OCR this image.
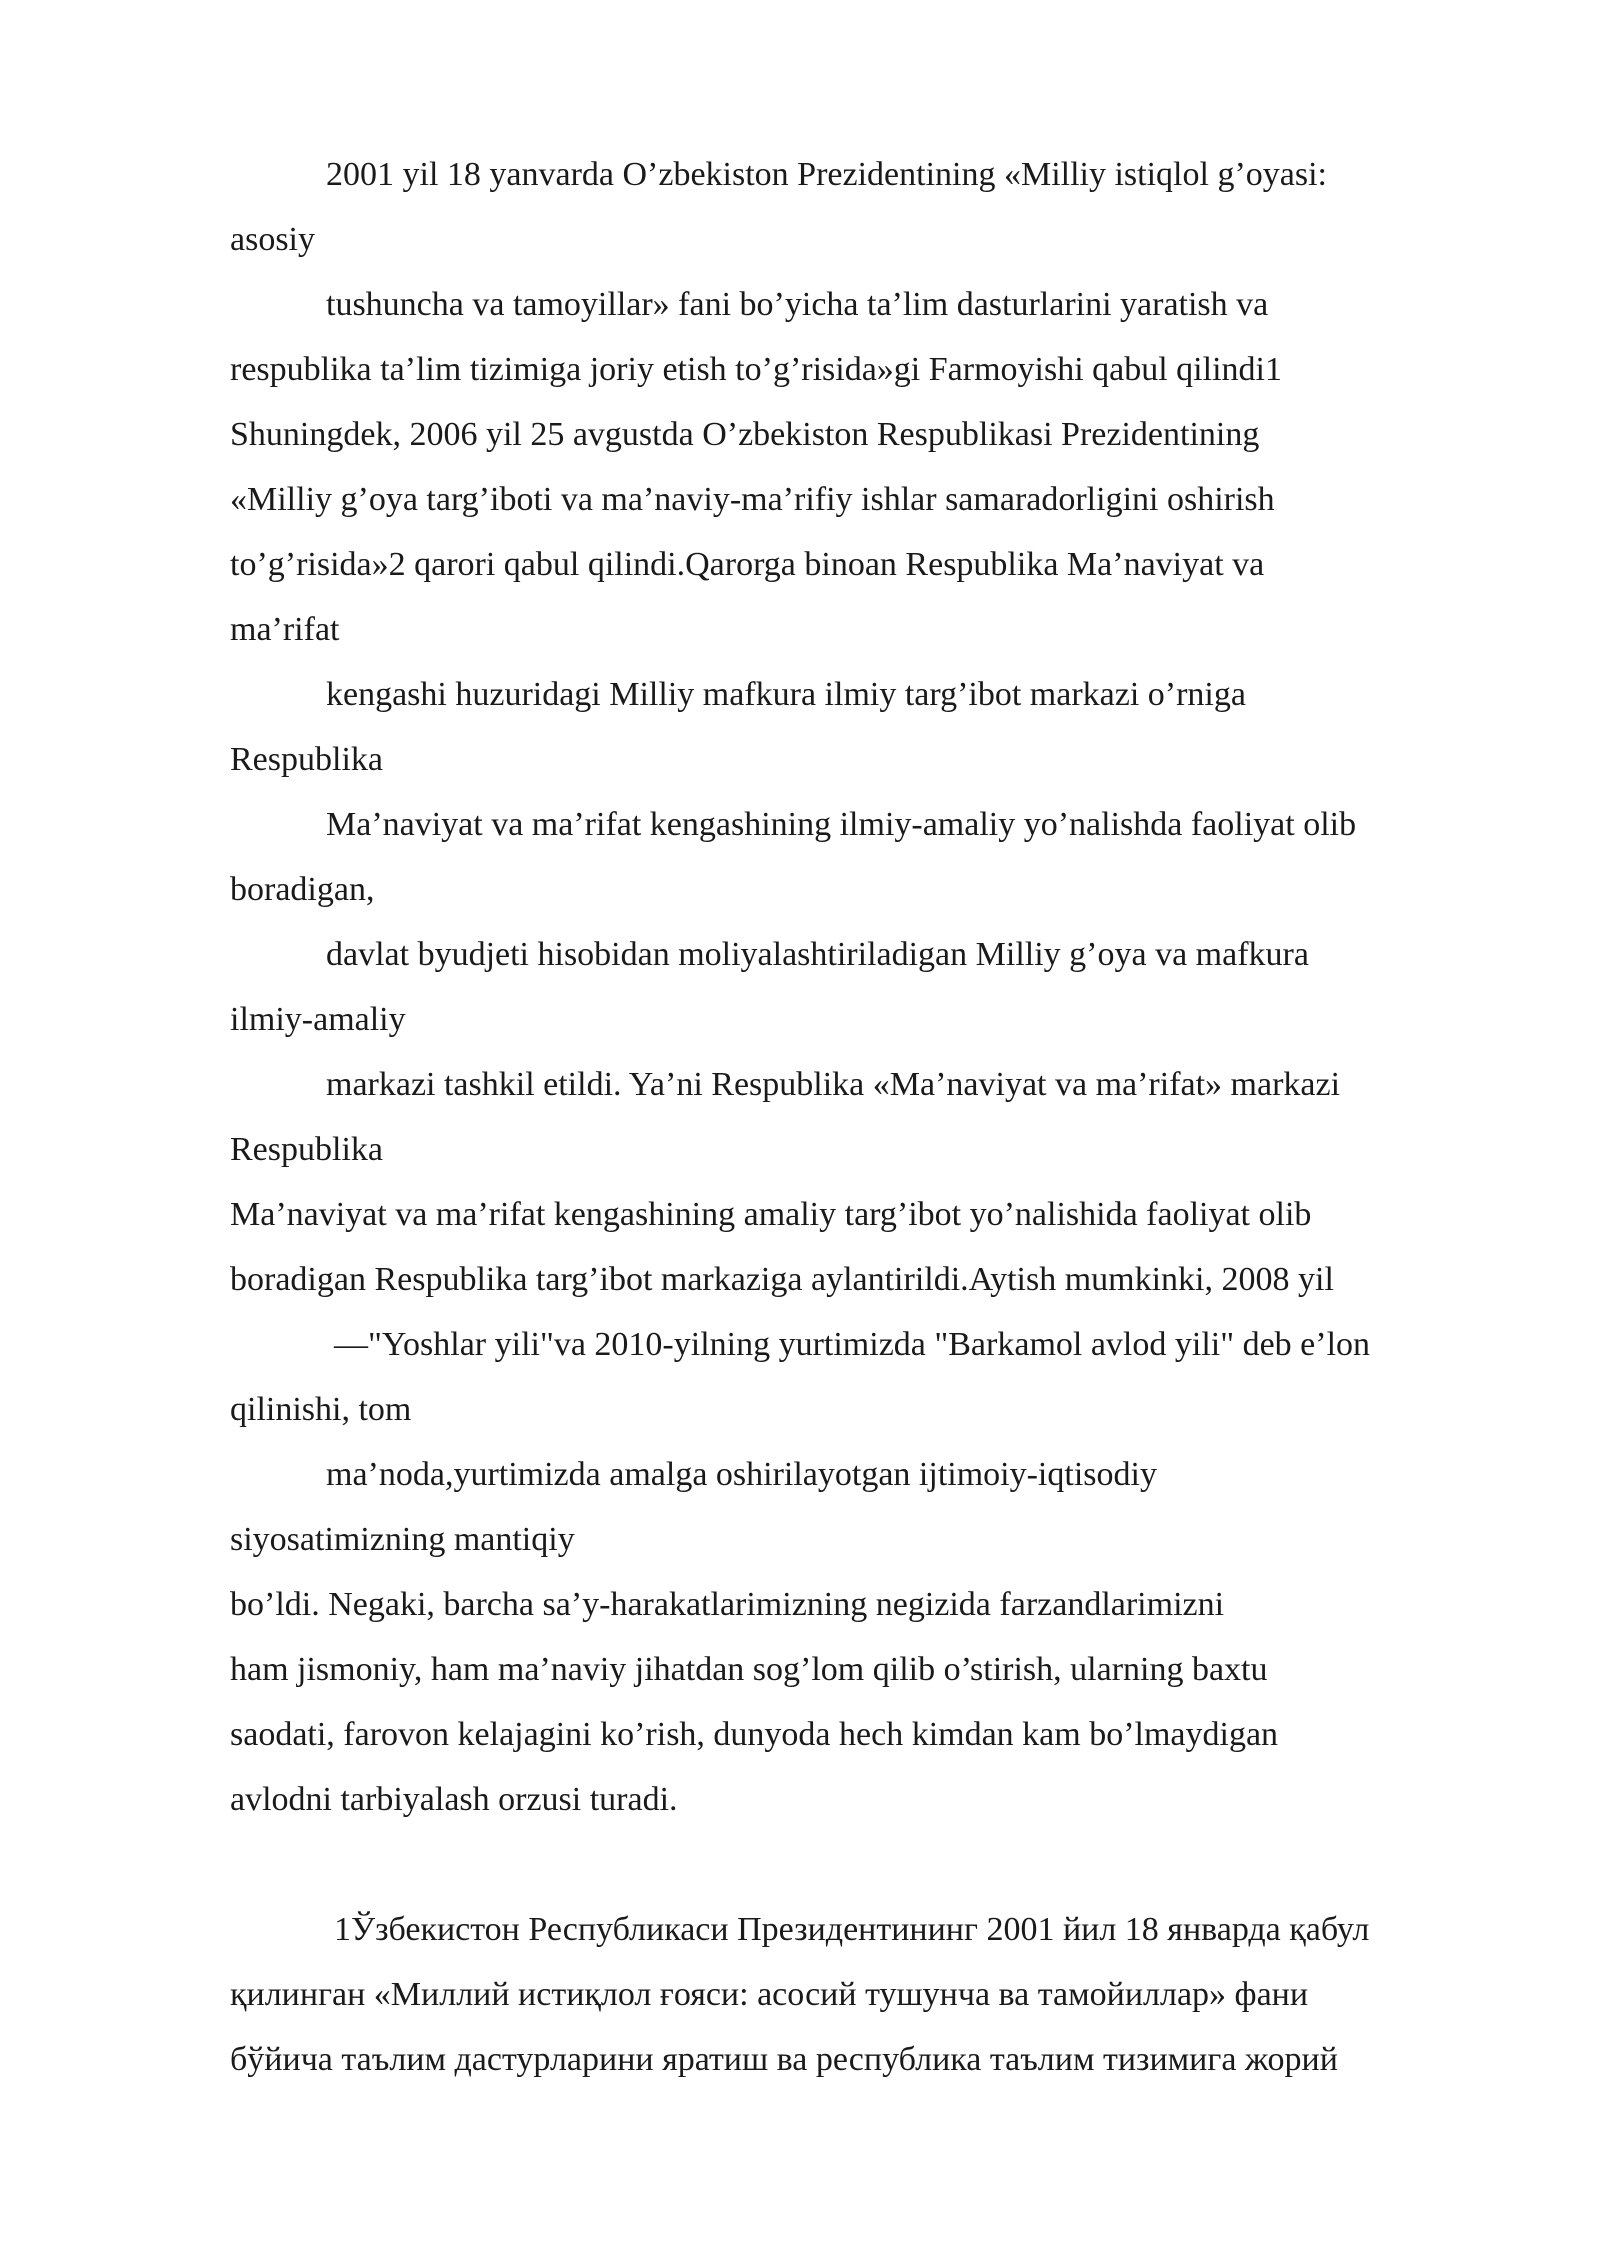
2001 yil 18 yanvarda O’zbekiston Prezidentining «Milliy istiqlol g’oyasi:
asosiy
tushuncha va tamoyillar» fani bo’yicha ta’lim dasturlarini yaratish va
respublika ta’lim tizimiga joriy etish to’g’risida»gi Farmoyishi qabul qilindi1
Shuningdek, 2006 yil 25 avgustda O’zbekiston Respublikasi Prezidentining
«Milliy g’oya targ’iboti va ma’naviy-ma’rifiy ishlar samaradorligini oshirish
to’g’risida»2 qarori qabul qilindi.Qarorga binoan Respublika Ma’naviyat va
ma’rifat
kengashi huzuridagi Milliy mafkura ilmiy targ’ibot markazi o’rniga
Respublika
Ma’naviyat va ma’rifat kengashining ilmiy-amaliy yo’nalishda faoliyat olib
boradigan,
davlat byudjeti hisobidan moliyalashtiriladigan Milliy g’oya va mafkura
ilmiy-amaliy
markazi tashkil etildi. Ya’ni Respublika «Ma’naviyat va ma’rifat» markazi
Respublika
Ma’naviyat va ma’rifat kengashining amaliy targ’ibot yo’nalishida faoliyat olib
boradigan Respublika targ’ibot markaziga aylantirildi.Aytish mumkinki, 2008 yil
—"Yoshlar yili"va 2010-yilning yurtimizda "Barkamol avlod yili" deb e’lon
qilinishi, tom
ma’noda,yurtimizda amalga oshirilayotgan ijtimoiy-iqtisodiy
siyosatimizning mantiqiy
bo’ldi. Negaki, barcha sa’y-harakatlarimizning negizida farzandlarimizni
ham jismoniy, ham ma’naviy jihatdan sog’lom qilib o’stirish, ularning baxtu
saodati, farovon kelajagini ko’rish, dunyoda hech kimdan kam bo’lmaydigan
avlodni tarbiyalash orzusi turadi.
1Ўзбекистон Республикаси Президентининг 2001 йил 18 январда қабул
қилинган «Миллий истиқлол ғояси: асосий тушунча ва тамойиллар» фани
бўйича таълим дастурларини яратиш ва республика таълим тизимига жорий
